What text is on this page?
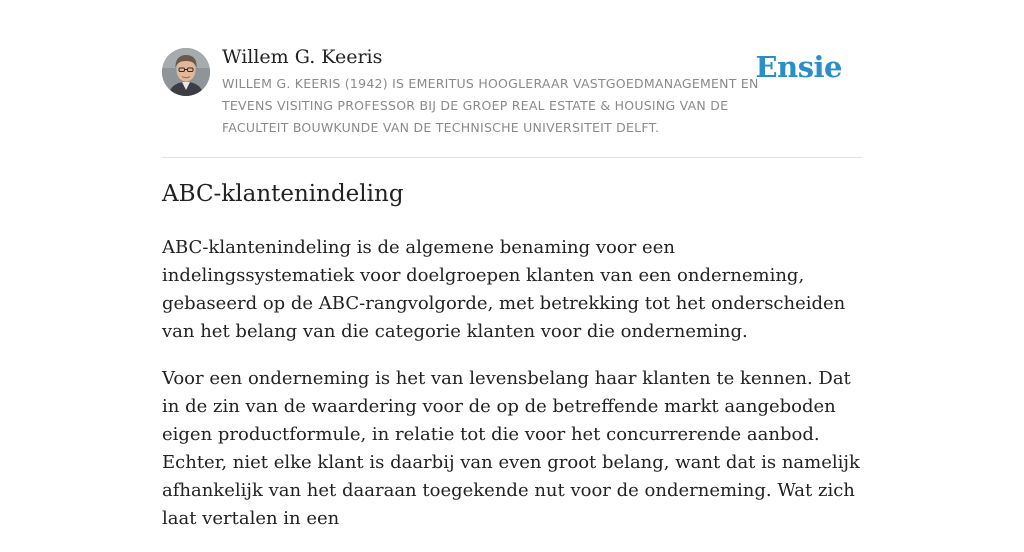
Willem G. Keeris
WILLEM G. KEERIS (1942) IS EMERITUS HOOGLERAAR VASTGOEDMANAGEMENT EN TEVENS VISITING PROFESSOR BIJ DE GROEP REAL ESTATE & HOUSING VAN DE FACULTEIT BOUWKUNDE VAN DE TECHNISCHE UNIVERSITEIT DELFT.
Ensie
ABC-klantenindeling

ABC-klantenindeling is de algemene benaming voor een indelingssystematiek voor doelgroepen klanten van een onderneming, gebaseerd op de ABC-rangvolgorde, met betrekking tot het onderscheiden van het belang van die categorie klanten voor die onderneming.

Voor een onderneming is het van levensbelang haar klanten te kennen. Dat in de zin van de waardering voor de op de betreffende markt aangeboden eigen productformule, in relatie tot die voor het concurrerende aanbod. Echter, niet elke klant is daarbij van even groot belang, want dat is namelijk afhankelijk van het daaraan toegekende nut voor de onderneming. Wat zich laat vertalen in een
